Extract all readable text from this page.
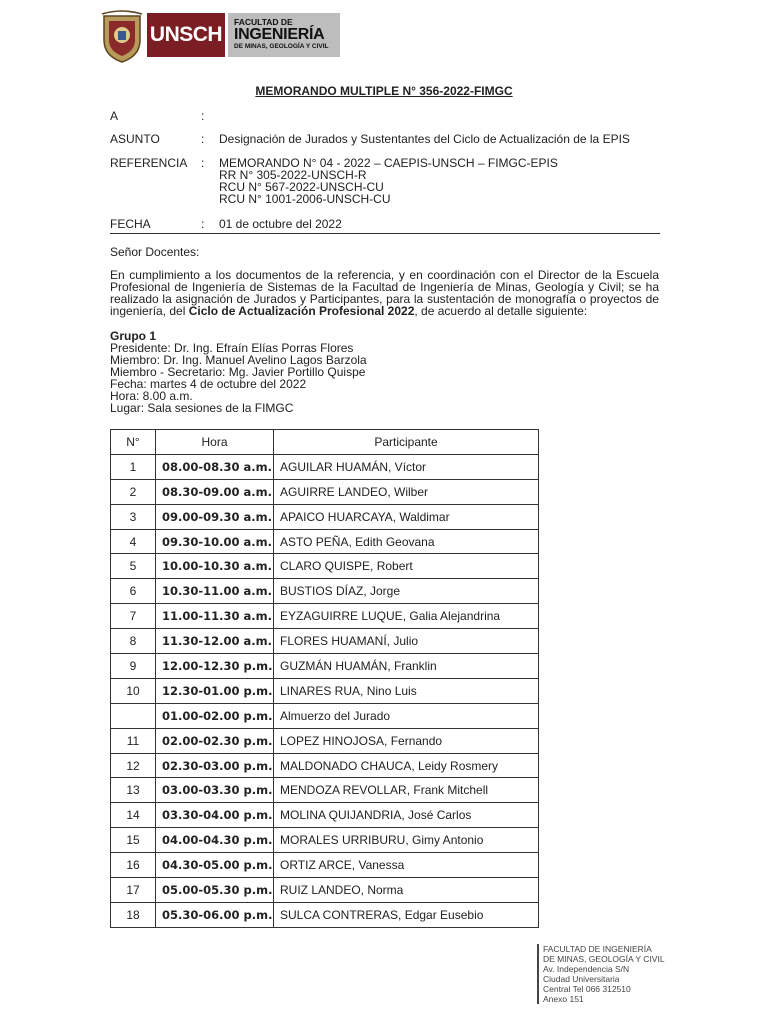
UNSCH
FACULTAD DE
INGENIERÍA
DE MINAS, GEOLOGÍA Y CIVIL
MEMORANDO MULTIPLE N° 356-2022-FIMGC
A	:
ASUNTO	: Designación de Jurados y Sustentantes del Ciclo de Actualización de la EPIS
REFERENCIA	: MEMORANDO N° 04 - 2022 – CAEPIS-UNSCH – FIMGC-EPIS
RR N° 305-2022-UNSCH-R
RCU N° 567-2022-UNSCH-CU
RCU N° 1001-2006-UNSCH-CU
FECHA	: 01 de octubre del 2022
Señor Docentes:
En cumplimiento a los documentos de la referencia, y en coordinación con el Director de la Escuela
Profesional de Ingeniería de Sistemas de la Facultad de Ingeniería de Minas, Geología y Civil; se ha
realizado la asignación de Jurados y Participantes, para la sustentación de monografía o proyectos de
ingeniería, del Ciclo de Actualización Profesional 2022, de acuerdo al detalle siguiente:
Grupo 1
Presidente: Dr. Ing. Efraín Elías Porras Flores
Miembro: Dr. Ing. Manuel Avelino Lagos Barzola
Miembro - Secretario: Mg. Javier Portillo Quispe
Fecha: martes 4 de octubre del 2022
Hora: 8.00 a.m.
Lugar: Sala sesiones de la FIMGC
N°	Hora	Participante
1	08.00-08.30 a.m.	AGUILAR HUAMÁN, Víctor
2	08.30-09.00 a.m.	AGUIRRE LANDEO, Wilber
3	09.00-09.30 a.m.	APAICO HUARCAYA, Waldimar
4	09.30-10.00 a.m.	ASTO PEÑA, Edith Geovana
5	10.00-10.30 a.m.	CLARO QUISPE, Robert
6	10.30-11.00 a.m.	BUSTIOS DÍAZ, Jorge
7	11.00-11.30 a.m.	EYZAGUIRRE LUQUE, Galia Alejandrina
8	11.30-12.00 a.m.	FLORES HUAMANÍ, Julio
9	12.00-12.30 p.m.	GUZMÁN HUAMÁN, Franklin
10	12.30-01.00 p.m.	LINARES RUA, Nino Luis
	01.00-02.00 p.m.	Almuerzo del Jurado
11	02.00-02.30 p.m.	LOPEZ HINOJOSA, Fernando
12	02.30-03.00 p.m.	MALDONADO CHAUCA, Leidy Rosmery
13	03.00-03.30 p.m.	MENDOZA REVOLLAR, Frank Mitchell
14	03.30-04.00 p.m.	MOLINA QUIJANDRIA, José Carlos
15	04.00-04.30 p.m.	MORALES URRIBURU, Gimy Antonio
16	04.30-05.00 p.m.	ORTIZ ARCE, Vanessa
17	05.00-05.30 p.m.	RUIZ LANDEO, Norma
18	05.30-06.00 p.m.	SULCA CONTRERAS, Edgar Eusebio
FACULTAD DE INGENIERÍA
DE MINAS, GEOLOGÍA Y CIVIL
Av. Independencia S/N
Ciudad Universitaria
Central Tel 066 312510
Anexo 151
